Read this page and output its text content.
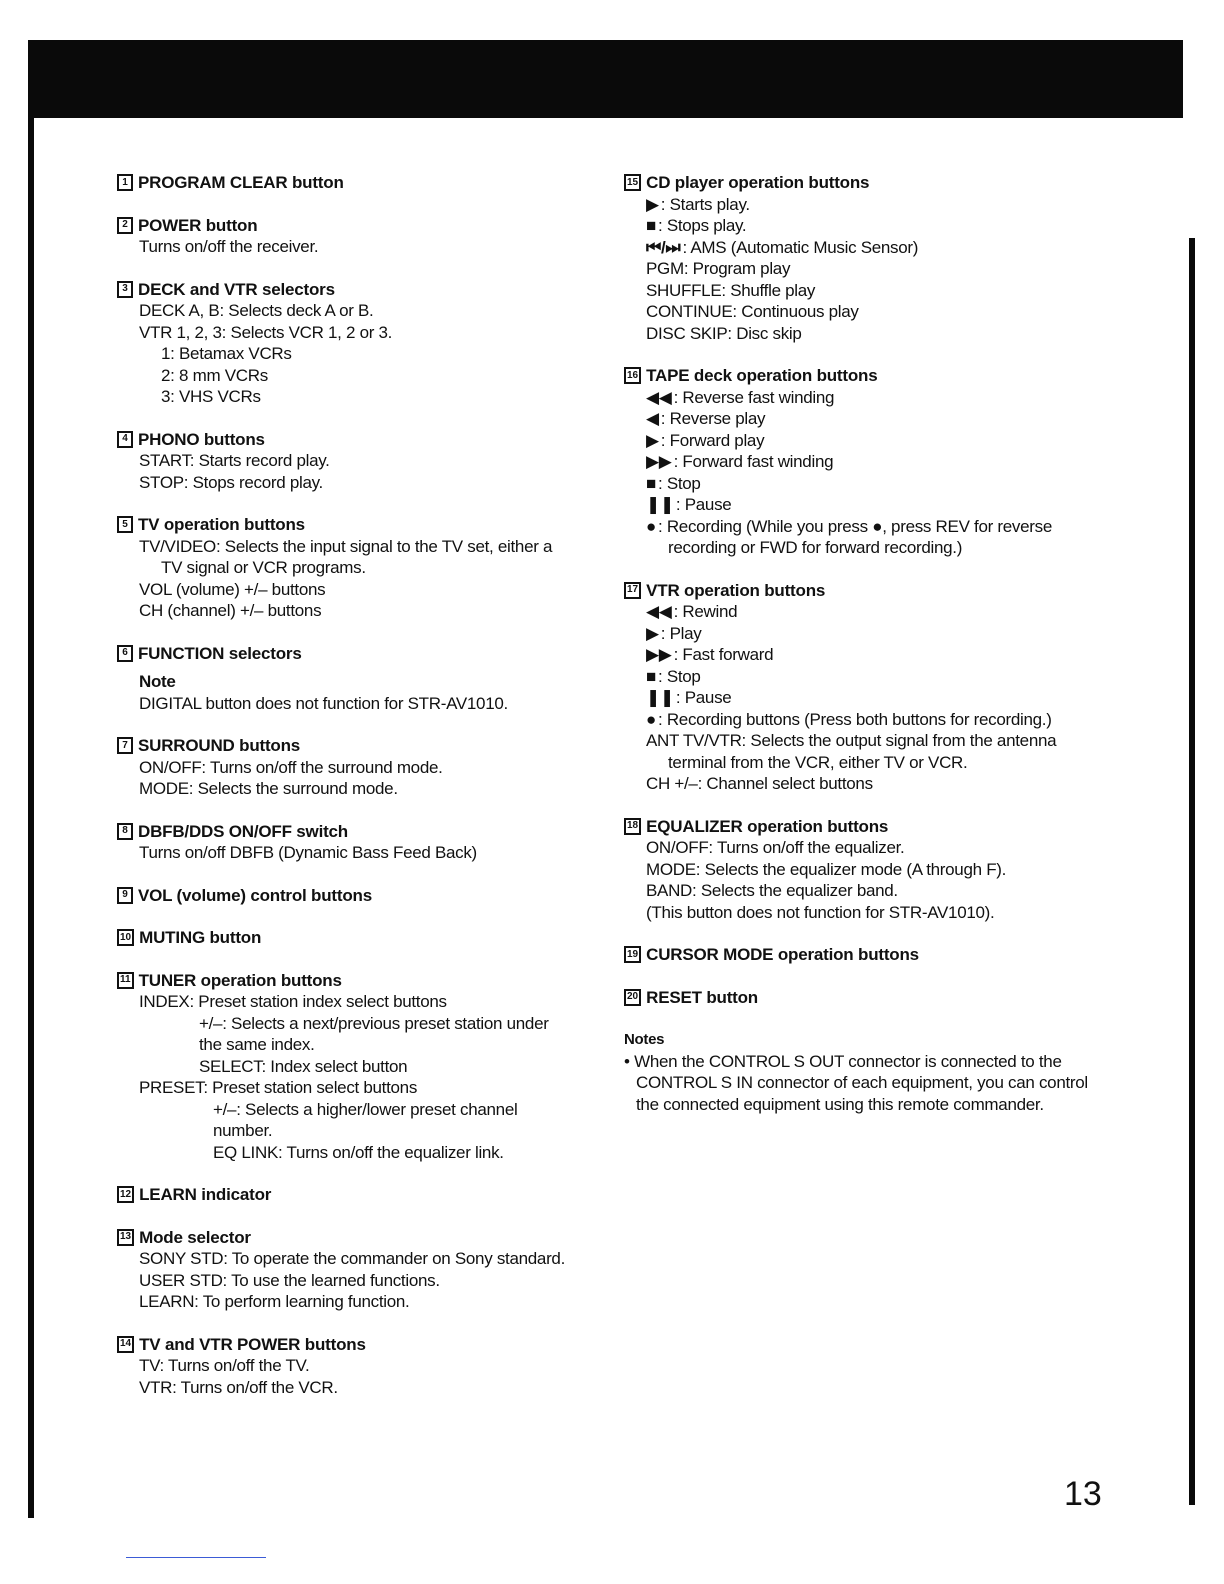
1 PROGRAM CLEAR button
2 POWER button
Turns on/off the receiver.
3 DECK and VTR selectors
DECK A, B: Selects deck A or B.
VTR 1, 2, 3: Selects VCR 1, 2 or 3.
1: Betamax VCRs
2: 8 mm VCRs
3: VHS VCRs
4 PHONO buttons
START: Starts record play.
STOP: Stops record play.
5 TV operation buttons
TV/VIDEO: Selects the input signal to the TV set, either a
TV signal or VCR programs.
VOL (volume) +/– buttons
CH (channel) +/– buttons
6 FUNCTION selectors
Note
DIGITAL button does not function for STR-AV1010.
7 SURROUND buttons
ON/OFF: Turns on/off the surround mode.
MODE: Selects the surround mode.
8 DBFB/DDS ON/OFF switch
Turns on/off DBFB (Dynamic Bass Feed Back)
9 VOL (volume) control buttons
10 MUTING button
11 TUNER operation buttons
INDEX: Preset station index select buttons
+/–: Selects a next/previous preset station under
the same index.
SELECT: Index select button
PRESET: Preset station select buttons
+/–: Selects a higher/lower preset channel
number.
EQ LINK: Turns on/off the equalizer link.
12 LEARN indicator
13 Mode selector
SONY STD: To operate the commander on Sony standard.
USER STD: To use the learned functions.
LEARN: To perform learning function.
14 TV and VTR POWER buttons
TV: Turns on/off the TV.
VTR: Turns on/off the VCR.
15 CD player operation buttons
▶ : Starts play.
■ : Stops play.
⏮/⏭ : AMS (Automatic Music Sensor)
PGM: Program play
SHUFFLE: Shuffle play
CONTINUE: Continuous play
DISC SKIP: Disc skip
16 TAPE deck operation buttons
◀◀ : Reverse fast winding
◀ : Reverse play
▶ : Forward play
▶▶ : Forward fast winding
■ : Stop
❚❚ : Pause
● : Recording (While you press ●, press REV for reverse recording or FWD for forward recording.)
17 VTR operation buttons
◀◀ : Rewind
▶ : Play
▶▶ : Fast forward
■ : Stop
❚❚ : Pause
● : Recording buttons (Press both buttons for recording.)
ANT TV/VTR: Selects the output signal from the antenna
terminal from the VCR, either TV or VCR.
CH +/–: Channel select buttons
18 EQUALIZER operation buttons
ON/OFF: Turns on/off the equalizer.
MODE: Selects the equalizer mode (A through F).
BAND: Selects the equalizer band.
(This button does not function for STR-AV1010).
19 CURSOR MODE operation buttons
20 RESET button
Notes
• When the CONTROL S OUT connector is connected to the CONTROL S IN connector of each equipment, you can control the connected equipment using this remote commander.
13
